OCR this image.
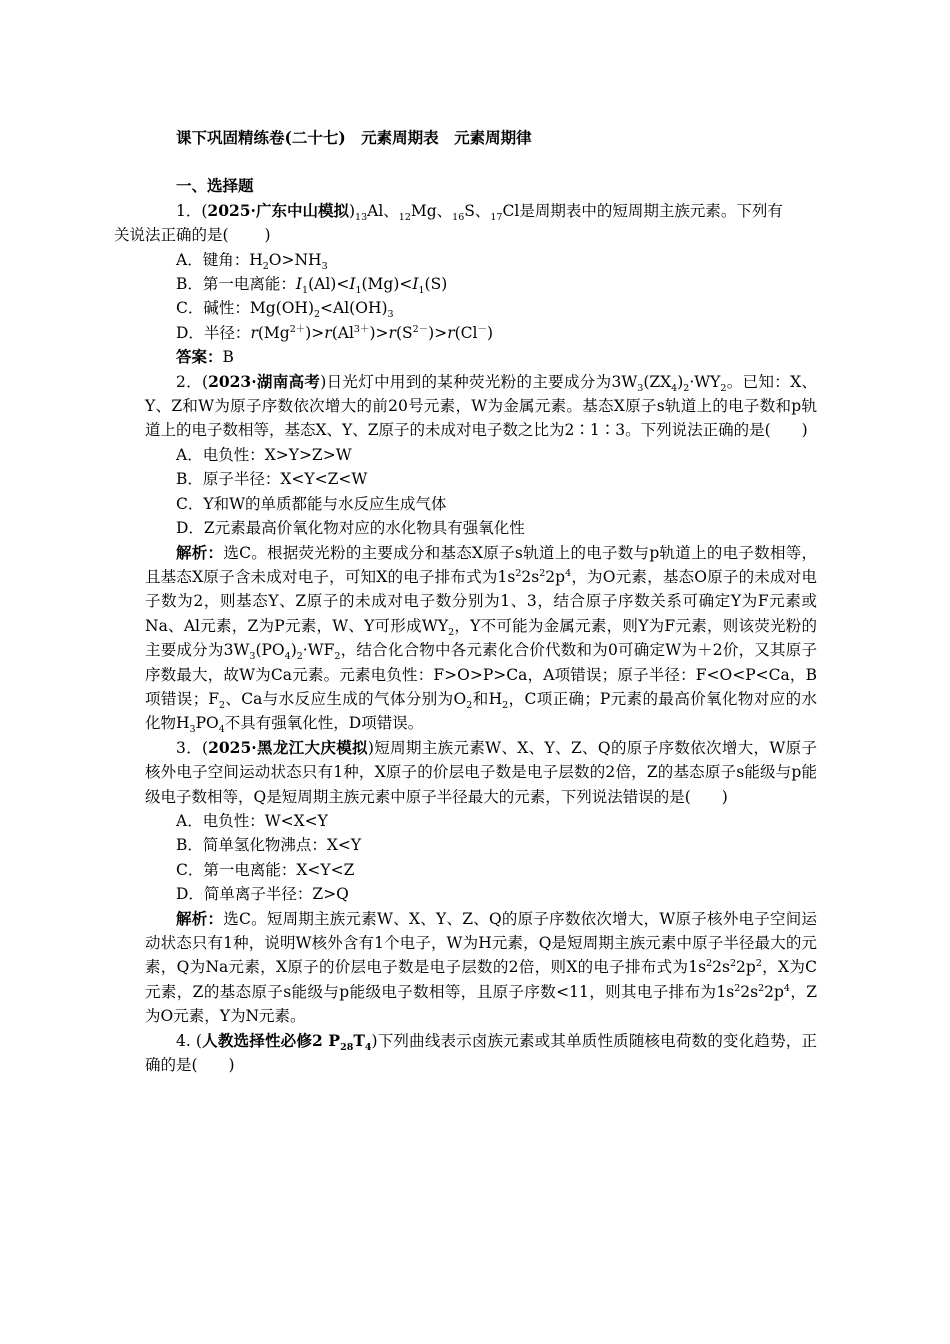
课下巩固精练卷(二十七)　元素周期表　元素周期律
一、选择题
1．(2025·广东中山模拟)$_{13}Al$、$_{12}$Mg、$_{16}$S、$_{17}$Cl是周期表中的短周期主族元素。下列有
关说法正确的是(　　 )
A．键角：$H_2O>NH_3$
B．第一电离能：$I_1(Al)<I_1(Mg)<I_1(S)$
C．碱性：$Mg(OH)_2<Al(OH)_3$
D．半径：$r(Mg^{2+})>r(Al^{3+})>r(S^{2-})>r(Cl^-)$
答案：B
2．(2023·湖南高考)日光灯中用到的某种荧光粉的主要成分为$3W_3(ZX_4)_2\cdot WY_2$。已知：X、Y、Z和W为原子序数依次增大的前20号元素，W为金属元素。基态X原子s轨道上的电子数和p轨道上的电子数相等，基态X、Y、Z原子的未成对电子数之比为2∶1∶3。下列说法正确的是(　　)
A．电负性：X>Y>Z>W
B．原子半径：X<Y<Z<W
C．Y和W的单质都能与水反应生成气体
D．Z元素最高价氧化物对应的水化物具有强氧化性
解析：选C。根据荧光粉的主要成分和基态X原子s轨道上的电子数与p轨道上的电子数相等，且基态X原子含未成对电子，可知X的电子排布式为$1s^22s^22p^4$，为O元素，基态O原子的未成对电子数为2，则基态Y、Z原子的未成对电子数分别为1、3，结合原子序数关系可确定Y为F元素或Na、Al元素，Z为P元素，W、Y可形成$WY_2$，Y不可能为金属元素，则Y为F元素，则该荧光粉的主要成分为$3W_3(PO_4)_2\cdot WF_2$，结合化合物中各元素化合价代数和为0可确定W为＋2价，又其原子序数最大，故W为Ca元素。元素电负性：F>O>P>Ca，A项错误；原子半径：F<O<P<Ca，B项错误；$F_2$、Ca与水反应生成的气体分别为$O_2$和$H_2$，C项正确；P元素的最高价氧化物对应的水化物$H_3PO_4$不具有强氧化性，D项错误。
3．(2025·黑龙江大庆模拟)短周期主族元素W、X、Y、Z、Q的原子序数依次增大，W原子核外电子空间运动状态只有1种，X原子的价层电子数是电子层数的2倍，Z的基态原子s能级与p能级电子数相等，Q是短周期主族元素中原子半径最大的元素，下列说法错误的是(　　)
A．电负性：W<X<Y
B．简单氢化物沸点：X<Y
C．第一电离能：X<Y<Z
D．简单离子半径：Z>Q
解析：选C。短周期主族元素W、X、Y、Z、Q的原子序数依次增大，W原子核外电子空间运动状态只有1种，说明W核外含有1个电子，W为H元素，Q是短周期主族元素中原子半径最大的元素，Q为Na元素，X原子的价层电子数是电子层数的2倍，则X的电子排布式为$1s^22s^22p^2$，X为C元素，Z的基态原子s能级与p能级电子数相等，且原子序数<11，则其电子排布为$1s^22s^22p^4$，Z为O元素，Y为N元素。
4. (人教选择性必修2 $P_{28}T_4$)下列曲线表示卤族元素或其单质性质随核电荷数的变化趋势，正确的是(　　)
